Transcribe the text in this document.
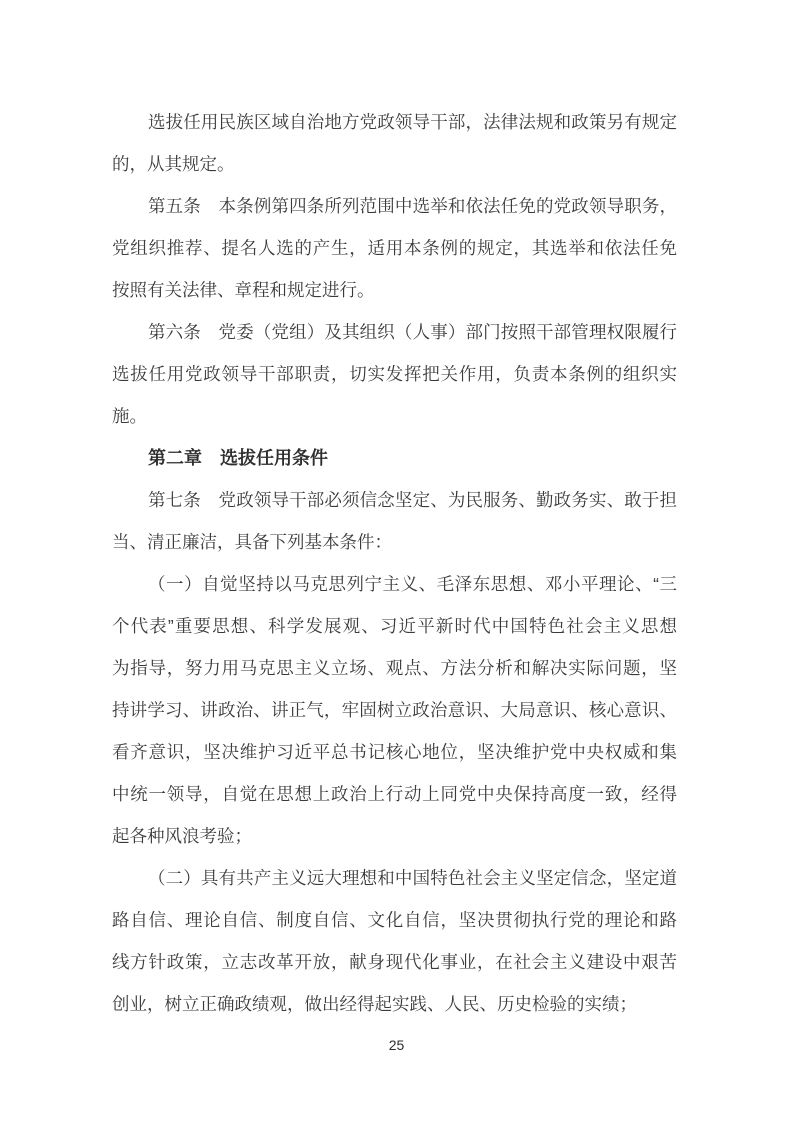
选拔任用民族区域自治地方党政领导干部，法律法规和政策另有规定
的，从其规定。
第五条　本条例第四条所列范围中选举和依法任免的党政领导职务，
党组织推荐、提名人选的产生，适用本条例的规定，其选举和依法任免
按照有关法律、章程和规定进行。
第六条　党委（党组）及其组织（人事）部门按照干部管理权限履行
选拔任用党政领导干部职责，切实发挥把关作用，负责本条例的组织实
施。
第二章　选拔任用条件
第七条　党政领导干部必须信念坚定、为民服务、勤政务实、敢于担
当、清正廉洁，具备下列基本条件：
（一）自觉坚持以马克思列宁主义、毛泽东思想、邓小平理论、“三
个代表”重要思想、科学发展观、习近平新时代中国特色社会主义思想
为指导，努力用马克思主义立场、观点、方法分析和解决实际问题，坚
持讲学习、讲政治、讲正气，牢固树立政治意识、大局意识、核心意识、
看齐意识，坚决维护习近平总书记核心地位，坚决维护党中央权威和集
中统一领导，自觉在思想上政治上行动上同党中央保持高度一致，经得
起各种风浪考验；
（二）具有共产主义远大理想和中国特色社会主义坚定信念，坚定道
路自信、理论自信、制度自信、文化自信，坚决贯彻执行党的理论和路
线方针政策，立志改革开放，献身现代化事业，在社会主义建设中艰苦
创业，树立正确政绩观，做出经得起实践、人民、历史检验的实绩；
25
